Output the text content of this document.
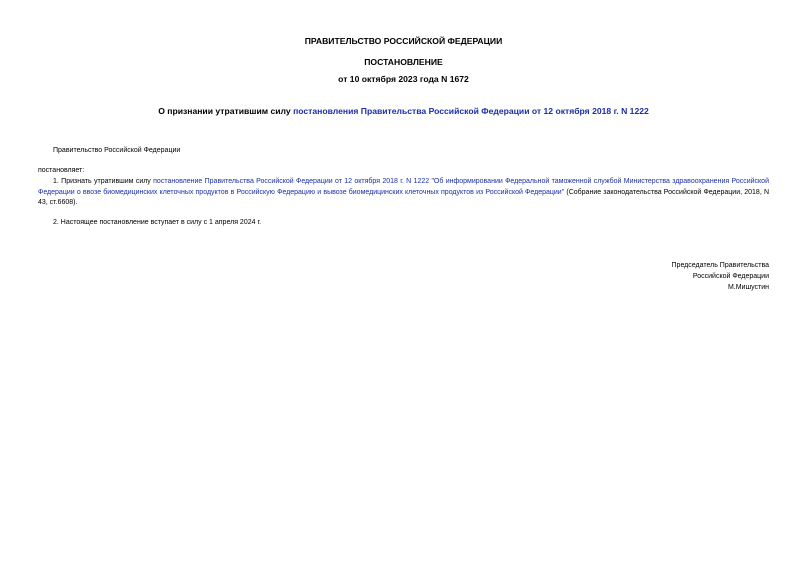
ПРАВИТЕЛЬСТВО РОССИЙСКОЙ ФЕДЕРАЦИИ
ПОСТАНОВЛЕНИЕ
от 10 октября 2023 года N 1672
О признании утратившим силу постановления Правительства Российской Федерации от 12 октября 2018 г. N 1222
Правительство Российской Федерации
постановляет:
1. Признать утратившим силу постановление Правительства Российской Федерации от 12 октября 2018 г. N 1222 "Об информировании Федеральной таможенной службой Министерства здравоохранения Российской Федерации о ввозе биомедицинских клеточных продуктов в Российскую Федерацию и вывозе биомедицинских клеточных продуктов из Российской Федерации" (Собрание законодательства Российской Федерации, 2018, N 43, ст.6608).
2. Настоящее постановление вступает в силу с 1 апреля 2024 г.
Председатель Правительства
Российской Федерации
М.Мишустин
